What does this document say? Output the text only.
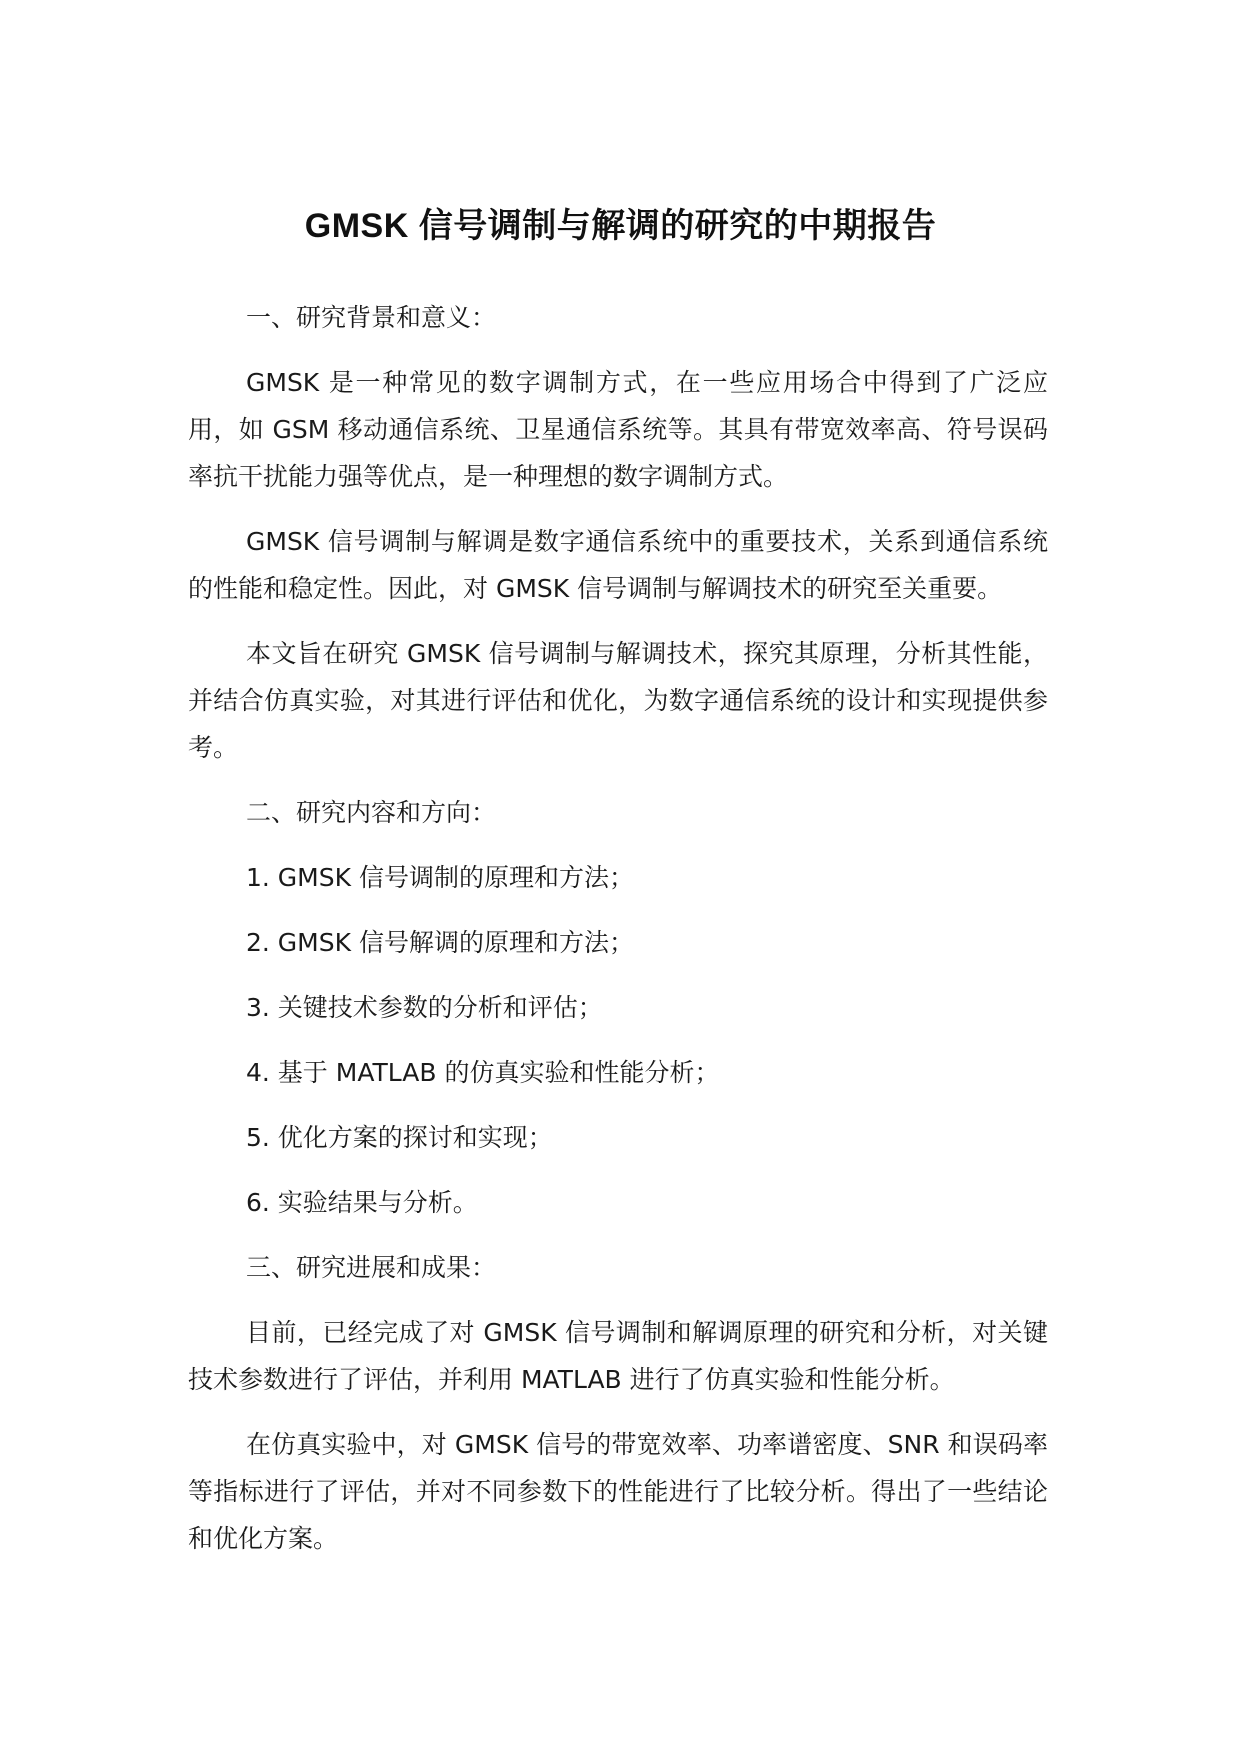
GMSK 信号调制与解调的研究的中期报告

一、研究背景和意义：

GMSK 是一种常见的数字调制方式，在一些应用场合中得到了广泛应用，如 GSM 移动通信系统、卫星通信系统等。其具有带宽效率高、符号误码率抗干扰能力强等优点，是一种理想的数字调制方式。

GMSK 信号调制与解调是数字通信系统中的重要技术，关系到通信系统的性能和稳定性。因此，对 GMSK 信号调制与解调技术的研究至关重要。

本文旨在研究 GMSK 信号调制与解调技术，探究其原理，分析其性能，并结合仿真实验，对其进行评估和优化，为数字通信系统的设计和实现提供参考。

二、研究内容和方向：

1. GMSK 信号调制的原理和方法；

2. GMSK 信号解调的原理和方法；

3. 关键技术参数的分析和评估；

4. 基于 MATLAB 的仿真实验和性能分析；

5. 优化方案的探讨和实现；

6. 实验结果与分析。

三、研究进展和成果：

目前，已经完成了对 GMSK 信号调制和解调原理的研究和分析，对关键技术参数进行了评估，并利用 MATLAB 进行了仿真实验和性能分析。

在仿真实验中，对 GMSK 信号的带宽效率、功率谱密度、SNR 和误码率等指标进行了评估，并对不同参数下的性能进行了比较分析。得出了一些结论和优化方案。
